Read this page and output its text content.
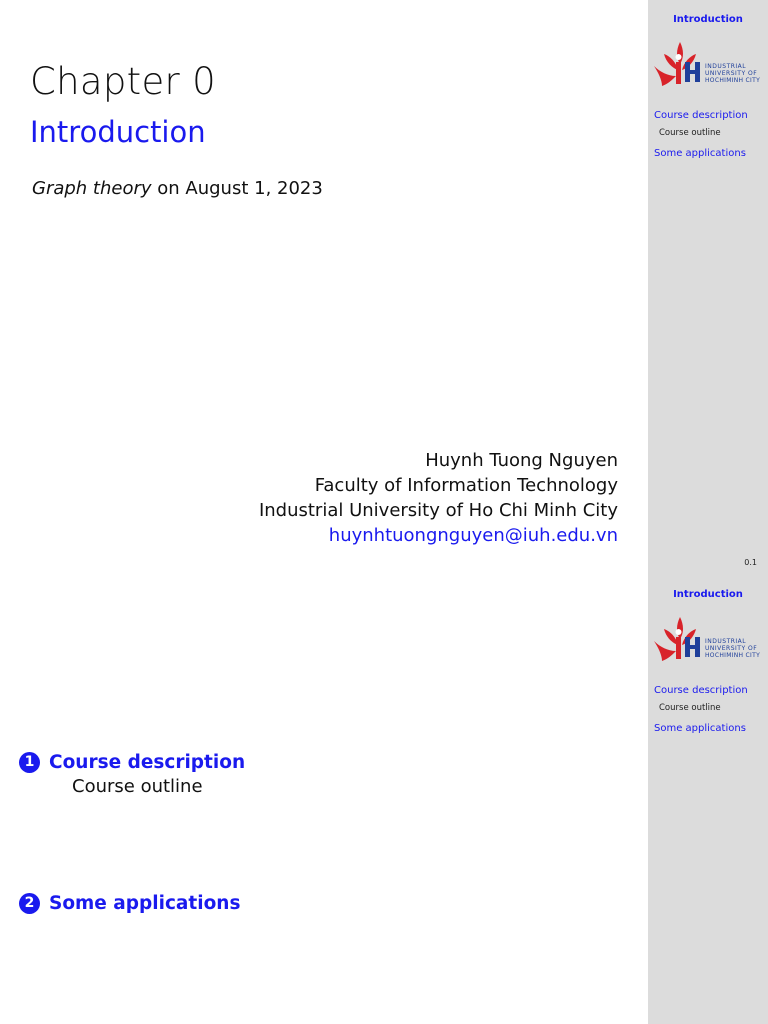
Introduction
INDUSTRIAL
UNIVERSITY OF
HOCHIMINH CITY
Course description
Course outline
Some applications
0.1
Introduction
INDUSTRIAL
UNIVERSITY OF
HOCHIMINH CITY
Course description
Course outline
Some applications
Chapter 0
Introduction
Graph theory on August 1, 2023
Huynh Tuong Nguyen
Faculty of Information Technology
Industrial University of Ho Chi Minh City
huynhtuongnguyen@iuh.edu.vn
1 Course description
Course outline
2 Some applications
